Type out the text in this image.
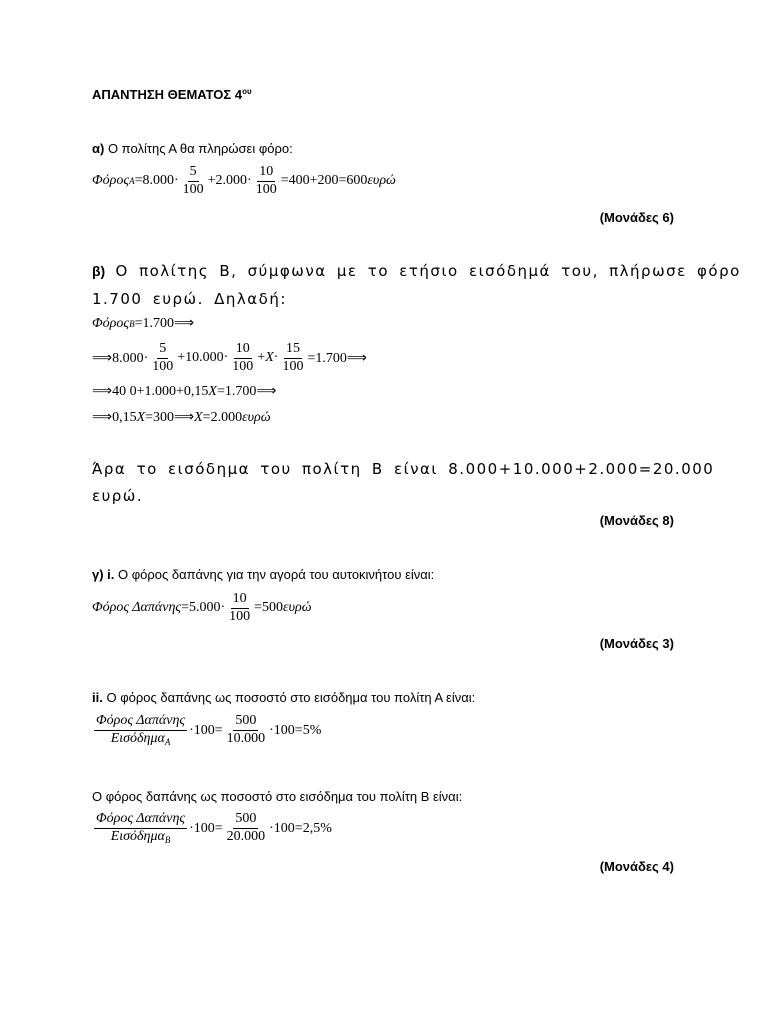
ΑΠΑΝΤΗΣΗ ΘΕΜΑΤΟΣ $4^{o\upsilon}$
α) Ο πολίτης Α θα πληρώσει φόρο:
Φόρος $A =8.000\cdot \frac{5}{100} +2.000\cdot \frac{10}{100} =400+200=600$ ευρώ
(Μονάδες 6)
β) Ο πολίτης Β, σύμφωνα με το ετήσιο εισόδημά του, πλήρωσε φόρο
1.700 ευρώ. Δηλαδή:
Φόρος B =1.700⟹
⟹8.000· $\frac{5}{100} +10.000\cdot \frac{10}{100} + X \cdot \frac{15}{100}$ =1.700⟹
⟹40 0+1.000+0,15 X =1.700⟹
⟹0,15 X =300⟹ X =2.000 ευρώ
Άρα το εισόδημα του πολίτη Β είναι 8.000+10.000+2.000=20.000
ευρώ.
(Μονάδες 8)
γ) i. Ο φόρος δαπάνης για την αγορά του αυτοκινήτου είναι:
Φόρος $\Delta\alpha\pi ά\nu\eta\varsigma =5.000\cdot \frac{10}{100} =500$ ευρώ
(Μονάδες 3)
ii. Ο φόρος δαπάνης ως ποσοστό στο εισόδημα του πολίτη Α είναι:
$\frac{\text{Φόρος Δαπάνης}}{E\iota\sigma ό\delta\eta\mu\alpha_A} \cdot 100= \frac{500}{10.000} \cdot 100=5\%$
Ο φόρος δαπάνης ως ποσοστό στο εισόδημα του πολίτη Β είναι:
$\frac{\text{Φόρος Δαπάνης}}{E\iota\sigma ό\delta\eta\mu\alpha_B} \cdot 100= \frac{500}{20.000} \cdot 100=2,5\%$
(Μονάδες 4)
